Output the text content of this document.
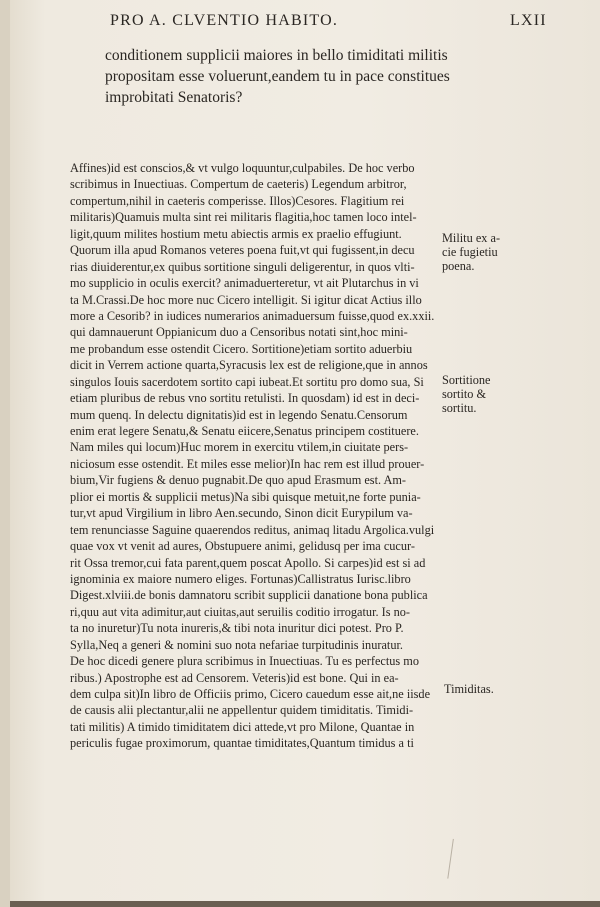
PRO A. CLVENTIO HABITO.	LXII
conditionem supplicii maiores in bello timiditati militis
propositam esse voluerunt,eandem tu in pace constitues
improbitati Senatoris?
Affines)id est conscios,& vt vulgo loquuntur,culpabiles. De hoc verbo
scribimus in Inuectiuas. Compertum de caeteris) Legendum arbitror,
compertum,nihil in caeteris comperisse. Illos)Cesores. Flagitium rei
militaris)Quamuis multa sint rei militaris flagitia,hoc tamen loco intel-
ligit,quum milites hostium metu abiectis armis ex praelio effugiunt.
Quorum illa apud Romanos veteres poena fuit,vt qui fugissent,in decu
rias diuiderentur,ex quibus sortitione singuli deligerentur, in quos vlti-
mo supplicio in oculis exercit? animaduerteretur, vt ait Plutarchus in vi
ta M.Crassi.De hoc more nuc Cicero intelligit. Si igitur dicat Actius illo
more a Cesorib? in iudices numerarios animaduersum fuisse,quod ex.xxii.
qui damnauerunt Oppianicum duo a Censoribus notati sint,hoc mini-
me probandum esse ostendit Cicero. Sortitione)etiam sortito aduerbiu
dicit in Verrem actione quarta,Syracusis lex est de religione,que in annos
singulos Iouis sacerdotem sortito capi iubeat.Et sortitu pro domo sua, Si
etiam pluribus de rebus vno sortitu retulisti. In quosdam) id est in deci-
mum quenq. In delectu dignitatis)id est in legendo Senatu.Censorum
enim erat legere Senatu,& Senatu eiicere,Senatus principem costituere.
Nam miles qui locum)Huc morem in exercitu vtilem,in ciuitate pers-
niciosum esse ostendit. Et miles esse melior)In hac rem est illud prouer-
bium,Vir fugiens & denuo pugnabit.De quo apud Erasmum est. Am-
plior ei mortis & supplicii metus)Na sibi quisque metuit,ne forte punia-
tur,vt apud Virgilium in libro Aen.secundo, Sinon dicit Eurypilum va-
tem renunciasse Saguine quaerendos reditus, animaq litadu Argolica.vulgi
quae vox vt venit ad aures, Obstupuere animi, gelidusq per ima cucur-
rit Ossa tremor,cui fata parent,quem poscat Apollo. Si carpes)id est si ad
ignominia ex maiore numero eliges. Fortunas)Callistratus Iurisc.libro
Digest.xlviii.de bonis damnatoru scribit supplicii danatione bona publica
ri,quu aut vita adimitur,aut ciuitas,aut seruilis coditio irrogatur. Is no-
ta no inuretur)Tu nota inureris,& tibi nota inuritur dici potest. Pro P.
Sylla,Neq a generi & nomini suo nota nefariae turpitudinis inuratur.
De hoc dicedi genere plura scribimus in Inuectiuas. Tu es perfectus mo
ribus.) Apostrophe est ad Censorem. Veteris)id est bone. Qui in ea-
dem culpa sit)In libro de Officiis primo, Cicero cauedum esse ait,ne iisde
de causis alii plectantur,alii ne appellentur quidem timiditatis. Timidi-
tati militis) A timido timiditatem dici attede,vt pro Milone, Quantae in
periculis fugae proximorum, quantae timiditates,Quantum timidus a ti
Militu ex a-
cie fugietiu
poena.
Sortitione
sortito &
sortitu.
Timiditas.
